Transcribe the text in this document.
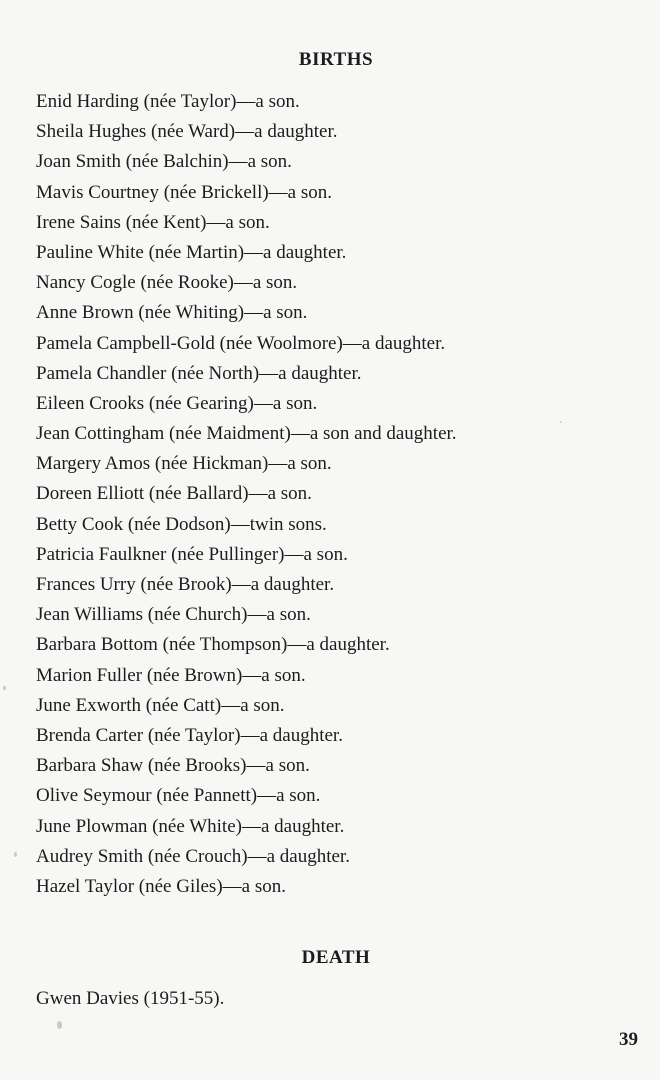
BIRTHS
Enid Harding (née Taylor)—a son.
Sheila Hughes (née Ward)—a daughter.
Joan Smith (née Balchin)—a son.
Mavis Courtney (née Brickell)—a son.
Irene Sains (née Kent)—a son.
Pauline White (née Martin)—a daughter.
Nancy Cogle (née Rooke)—a son.
Anne Brown (née Whiting)—a son.
Pamela Campbell-Gold (née Woolmore)—a daughter.
Pamela Chandler (née North)—a daughter.
Eileen Crooks (née Gearing)—a son.
Jean Cottingham (née Maidment)—a son and daughter.
Margery Amos (née Hickman)—a son.
Doreen Elliott (née Ballard)—a son.
Betty Cook (née Dodson)—twin sons.
Patricia Faulkner (née Pullinger)—a son.
Frances Urry (née Brook)—a daughter.
Jean Williams (née Church)—a son.
Barbara Bottom (née Thompson)—a daughter.
Marion Fuller (née Brown)—a son.
June Exworth (née Catt)—a son.
Brenda Carter (née Taylor)—a daughter.
Barbara Shaw (née Brooks)—a son.
Olive Seymour (née Pannett)—a son.
June Plowman (née White)—a daughter.
Audrey Smith (née Crouch)—a daughter.
Hazel Taylor (née Giles)—a son.
DEATH
Gwen Davies (1951-55).
39
